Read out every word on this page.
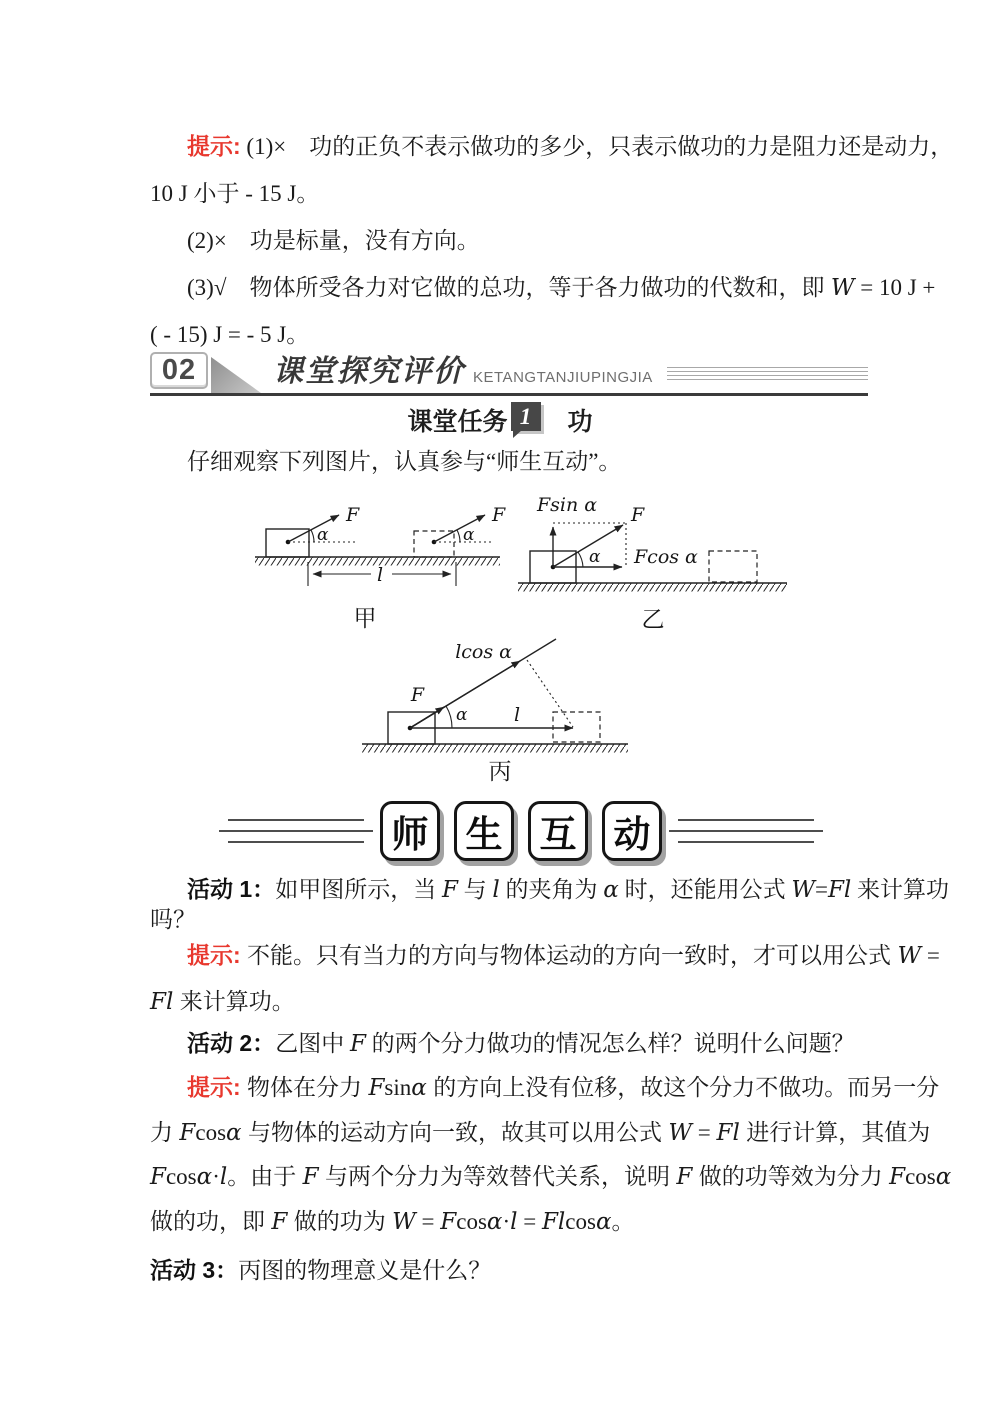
提示: (1)×　功的正负不表示做功的多少，只表示做功的力是阻力还是动力，
10 J 小于 - 15 J。
(2)×　功是标量，没有方向。
(3)√　物体所受各力对它做的总功，等于各力做功的代数和，即 W = 10 J +
( - 15) J = - 5 J。
02	课堂探究评价 KETANGTANJIUPINGJIA
课堂任务 1	功
仔细观察下列图片，认真参与“师生互动”。
F
α
F
α
l
甲
Fsin α F
Fcos α
α
乙
lcos α
F
α l
丙
师 生 互 动
活动 1：如甲图所示，当 F 与 l 的夹角为 α 时，还能用公式 W=Fl 来计算功
吗？
提示: 不能。只有当力的方向与物体运动的方向一致时，才可以用公式 W =
Fl 来计算功。
活动 2：乙图中 F 的两个分力做功的情况怎么样？说明什么问题？
提示: 物体在分力 Fsinα 的方向上没有位移，故这个分力不做功。而另一分
力 Fcosα 与物体的运动方向一致，故其可以用公式 W = Fl 进行计算，其值为
Fcosα·l。由于 F 与两个分力为等效替代关系，说明 F 做的功等效为分力 Fcosα
做的功，即 F 做的功为 W = Fcosα·l = Flcosα。
活动 3：丙图的物理意义是什么？
